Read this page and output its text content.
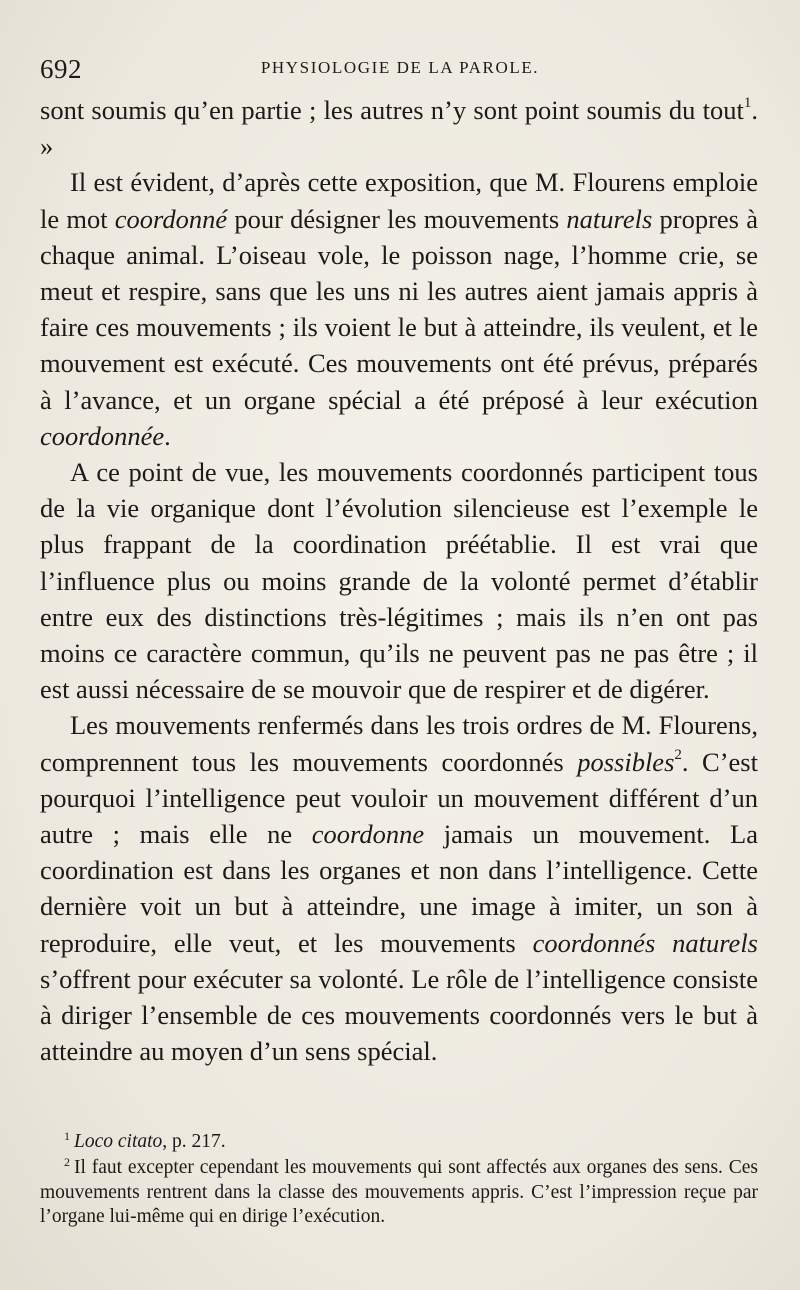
692	PHYSIOLOGIE DE LA PAROLE.

sont soumis qu’en partie ; les autres n’y sont point soumis du tout$^1$. »

Il est évident, d’après cette exposition, que M. Flourens emploie le mot coordonné pour désigner les mouvements naturels propres à chaque animal. L’oiseau vole, le poisson nage, l’homme crie, se meut et respire, sans que les uns ni les autres aient jamais appris à faire ces mouvements ; ils voient le but à atteindre, ils veulent, et le mouvement est exécuté. Ces mouvements ont été prévus, préparés à l’avance, et un organe spécial a été préposé à leur exécution coordonnée.

A ce point de vue, les mouvements coordonnés participent tous de la vie organique dont l’évolution silencieuse est l’exemple le plus frappant de la coordination préétablie. Il est vrai que l’influence plus ou moins grande de la volonté permet d’établir entre eux des distinctions très-légitimes ; mais ils n’en ont pas moins ce caractère commun, qu’ils ne peuvent pas ne pas être ; il est aussi nécessaire de se mouvoir que de respirer et de digérer.

Les mouvements renfermés dans les trois ordres de M. Flourens, comprennent tous les mouvements coordonnés possibles$^2$. C’est pourquoi l’intelligence peut vouloir un mouvement différent d’un autre ; mais elle ne coordonne jamais un mouvement. La coordination est dans les organes et non dans l’intelligence. Cette dernière voit un but à atteindre, une image à imiter, un son à reproduire, elle veut, et les mouvements coordonnés naturels s’offrent pour exécuter sa volonté. Le rôle de l’intelligence consiste à diriger l’ensemble de ces mouvements coordonnés vers le but à atteindre au moyen d’un sens spécial.

$^1$ Loco citato, p. 217.

$^2$ Il faut excepter cependant les mouvements qui sont affectés aux organes des sens. Ces mouvements rentrent dans la classe des mouvements appris. C’est l’impression reçue par l’organe lui-même qui en dirige l’exécution.
